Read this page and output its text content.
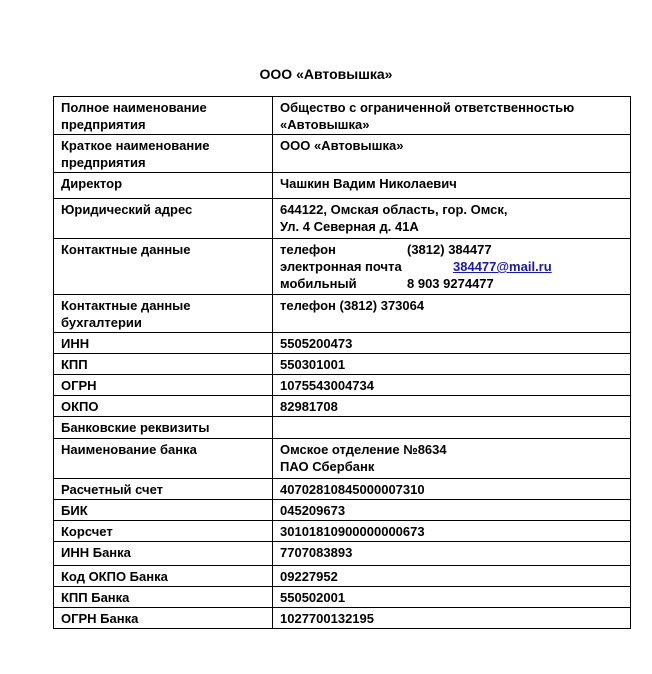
ООО «Автовышка»
Полное наименование предприятия	Общество с ограниченной ответственностью «Автовышка»
Краткое наименование предприятия	ООО «Автовышка»
Директор	Чашкин Вадим Николаевич
Юридический адрес	644122, Омская область, гор. Омск,
Ул. 4 Северная д. 41А
Контактные данные	телефон (3812) 384477
электронная почта 384477@mail.ru
мобильный 8 903 9274477

Контактные данные бухгалтерии	телефон (3812) 373064
ИНН	5505200473
КПП	550301001
ОГРН	1075543004734
ОКПО	82981708
Банковские реквизиты	
Наименование банка	Омское отделение №8634
ПАО Сбербанк
Расчетный счет	40702810845000007310
БИК	045209673
Корсчет	30101810900000000673
ИНН Банка	7707083893
Код ОКПО Банка	09227952
КПП Банка	550502001
ОГРН Банка	1027700132195
